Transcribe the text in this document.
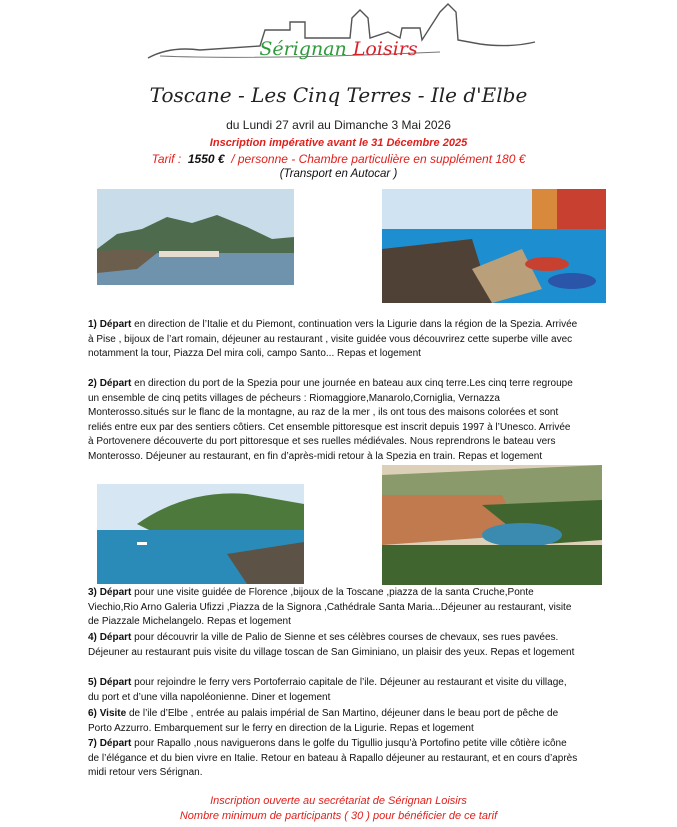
Sérignan Loisirs
Toscane - Les Cinq Terres - Ile d'Elbe
du Lundi 27 avril au Dimanche 3 Mai 2026
Inscription impérative avant le 31 Décembre 2025
Tarif : 1550 € / personne - Chambre particulière en supplément 180 €
(Transport en Autocar )

1) Départ en direction de l’Italie et du Piemont, continuation vers la Ligurie dans la région de la Spezia. Arrivée à Pise , bijoux de l’art romain, déjeuner au restaurant , visite guidée vous découvrirez cette superbe ville avec notamment la tour, Piazza Del mira coli, campo Santo... Repas et logement

2) Départ en direction du port de la Spezia pour une journée en bateau aux cinq terre.Les cinq terre regroupe un ensemble de cinq petits villages de pécheurs : Riomaggiore,Manarolo,Corniglia, Vernazza Monterosso.situés sur le flanc de la montagne, au raz de la mer , ils ont tous des maisons colorées et sont reliés entre eux par des sentiers côtiers. Cet ensemble pittoresque est inscrit depuis 1997 à l’Unesco. Arrivée à Portovenere découverte du port pittoresque et ses ruelles médiévales. Nous reprendrons le bateau vers Monterosso. Déjeuner au restaurant, en fin d’après-midi retour à la Spezia en train. Repas et logement

3) Départ pour une visite guidée de Florence ,bijoux de la Toscane ,piazza de la santa Cruche,Ponte Viechio,Rio Arno Galeria Ufizzi ,Piazza de la Signora ,Cathédrale Santa Maria...Déjeuner au restaurant, visite de Piazzale Michelangelo. Repas et logement

4) Départ pour découvrir la ville de Palio de Sienne et ses célèbres courses de chevaux, ses rues pavées. Déjeuner au restaurant puis visite du village toscan de San Giminiano, un plaisir des yeux. Repas et logement

5) Départ pour rejoindre le ferry vers Portoferraio capitale de l’ile. Déjeuner au restaurant et visite du village, du port et d’une villa napoléonienne. Diner et logement

6) Visite de l’ile d’Elbe , entrée au palais impérial de San Martino, déjeuner dans le beau port de pêche de Porto Azzurro. Embarquement sur le ferry en direction de la Ligurie. Repas et logement

7) Départ pour Rapallo ,nous naviguerons dans le golfe du Tigullio jusqu’à Portofino petite ville côtière icône de l’élégance et du bien vivre en Italie. Retour en bateau à Rapallo déjeuner au restaurant, et en cours d’après midi retour vers Sérignan.

Inscription ouverte au secrétariat de Sérignan Loisirs
Nombre minimum de participants ( 30 ) pour bénéficier de ce tarif
